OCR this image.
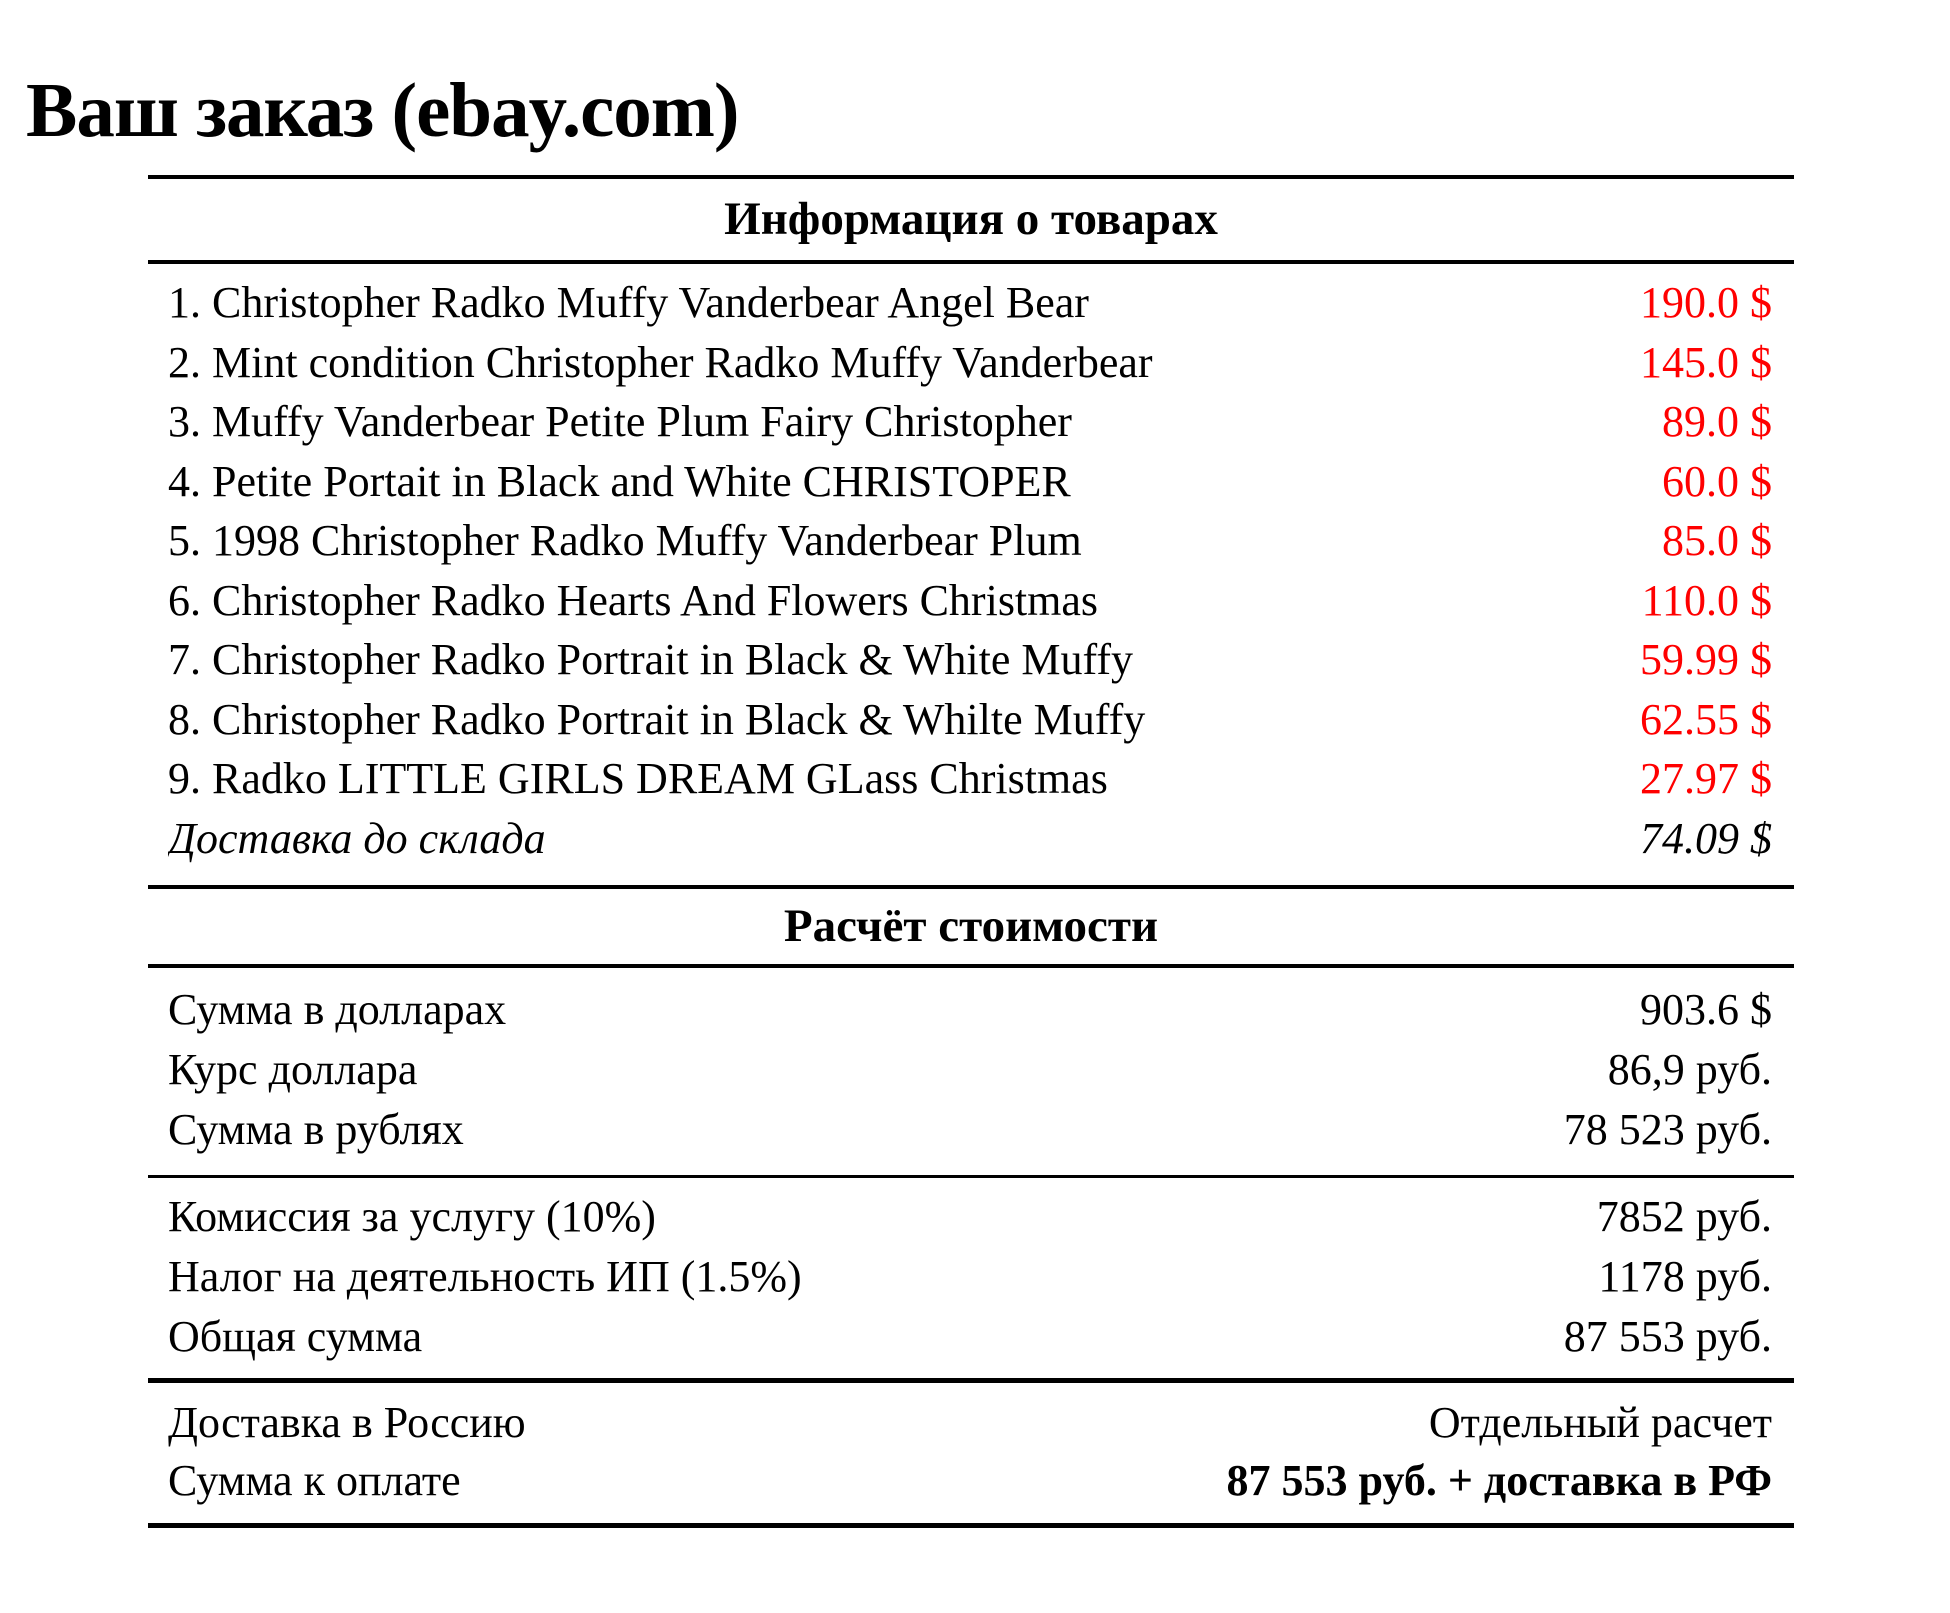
Ваш заказ (ebay.com)
Информация о товарах
1. Christopher Radko Muffy Vanderbear Angel Bear	190.0 $
2. Mint condition Christopher Radko Muffy Vanderbear	145.0 $
3. Muffy Vanderbear Petite Plum Fairy Christopher	89.0 $
4. Petite Portait in Black and White CHRISTOPER	60.0 $
5. 1998 Christopher Radko Muffy Vanderbear Plum	85.0 $
6. Christopher Radko Hearts And Flowers Christmas	110.0 $
7. Christopher Radko Portrait in Black & White Muffy	59.99 $
8. Christopher Radko Portrait in Black & Whilte Muffy	62.55 $
9. Radko LITTLE GIRLS DREAM GLass Christmas	27.97 $
Доставка до склада	74.09 $
Расчёт стоимости
Сумма в долларах	903.6 $
Курс доллара	86,9 руб.
Сумма в рублях	78 523 руб.
Комиссия за услугу (10%)	7852 руб.
Налог на деятельность ИП (1.5%)	1178 руб.
Общая сумма	87 553 руб.
Доставка в Россию	Отдельный расчет
Сумма к оплате	87 553 руб. + доставка в РФ
